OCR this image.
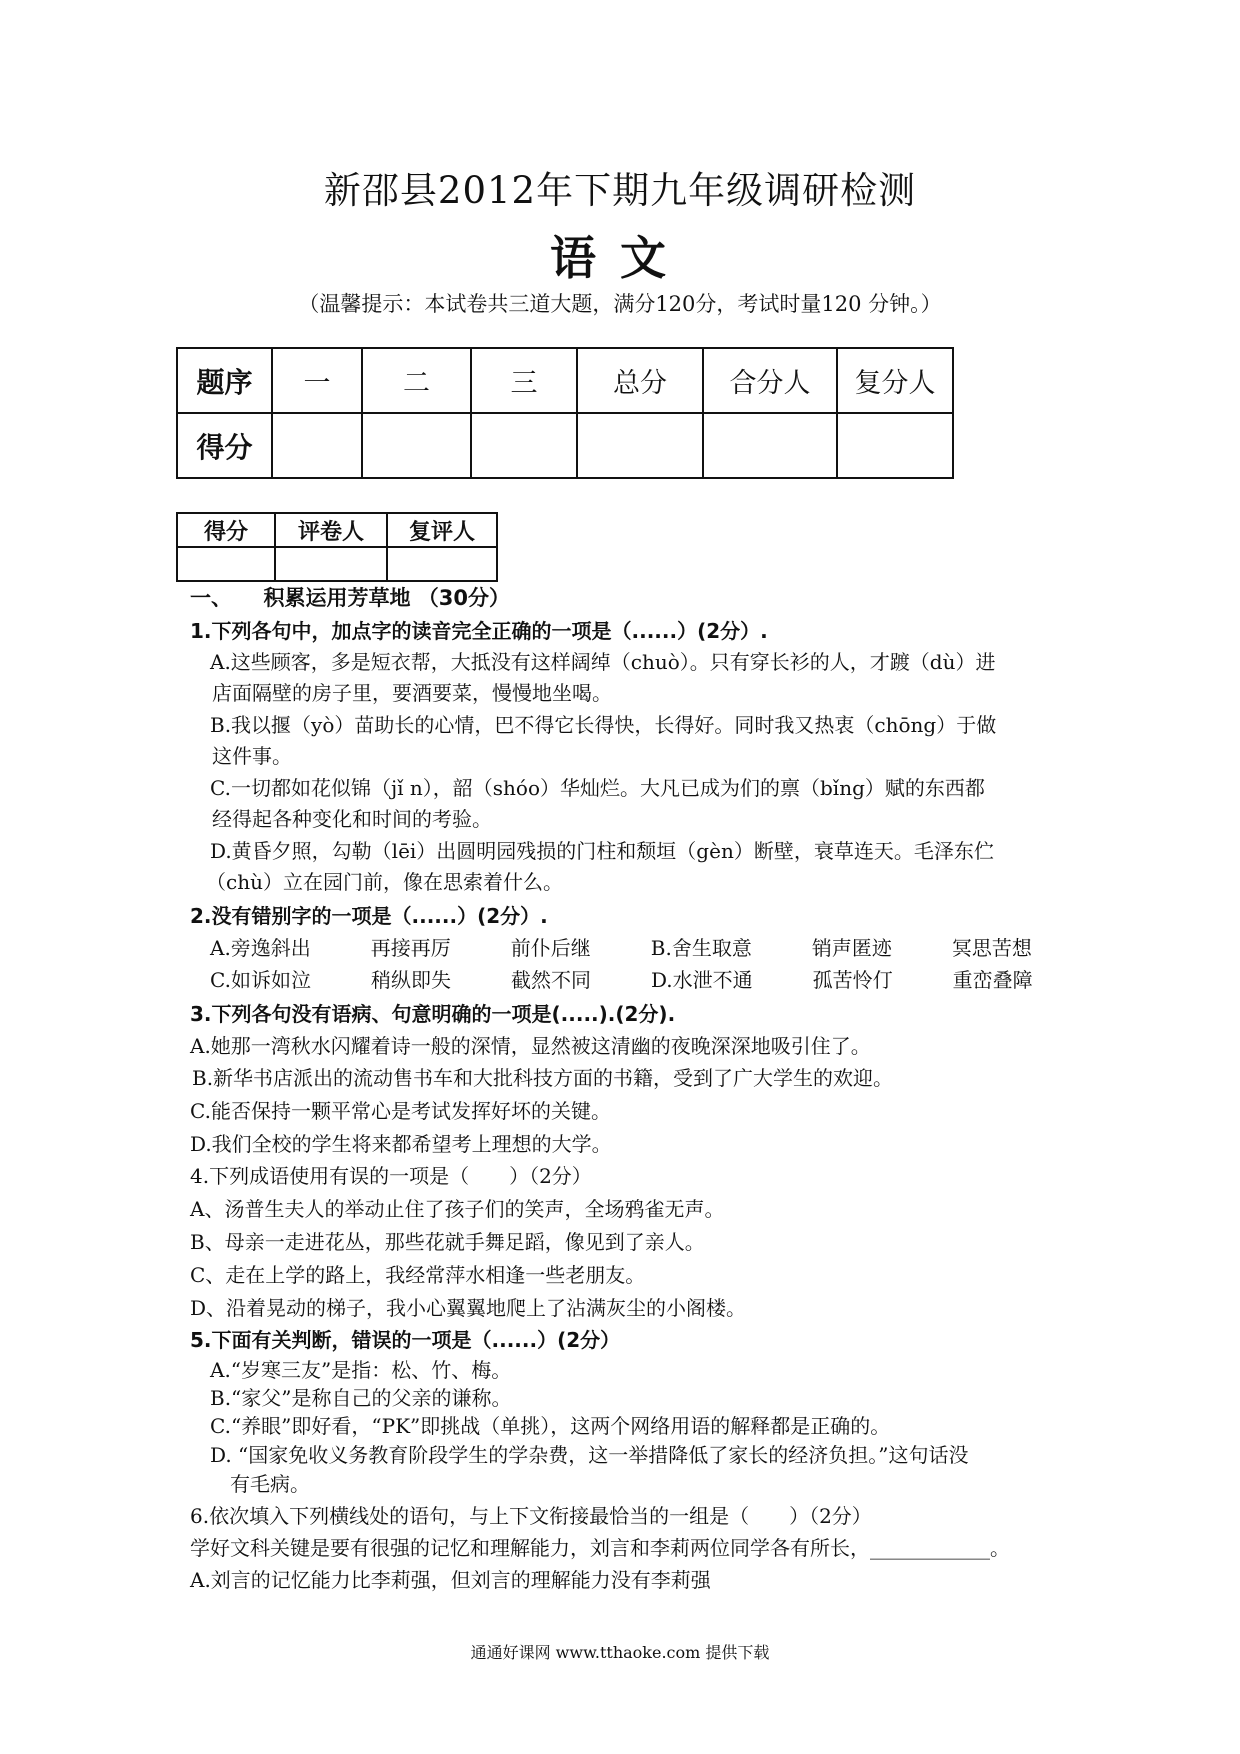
新邵县2012年下期九年级调研检测
语文
（温馨提示：本试卷共三道大题，满分120分，考试时量120 分钟。）
题序	一	二	三	总分	合分人	复分人
得分						
得分	评卷人	复评人

一、　　积累运用芳草地 （30分）
1.下列各句中，加点字的读音完全正确的一项是（......）(2分）.
A.这些顾客，多是短衣帮，大抵没有这样阔绰（chuò）。只有穿长衫的人，才踱（dù）进
店面隔壁的房子里，要酒要菜，慢慢地坐喝。
B.我以揠（yò）苗助长的心情，巴不得它长得快，长得好。同时我又热衷（chōng）于做
这件事。
C.一切都如花似锦（jǐ n），韶（shóo）华灿烂。大凡已成为们的禀（bǐng）赋的东西都
经得起各种变化和时间的考验。
D.黄昏夕照，勾勒（lēi）出圆明园残损的门柱和颓垣（gèn）断壁，衰草连天。毛泽东伫
（chù）立在园门前，像在思索着什么。
2.没有错别字的一项是（......）(2分）.
A.旁逸斜出　　　再接再厉　　　前仆后继　　　B.舍生取意　　　销声匿迹　　　冥思苦想
C.如诉如泣　　　稍纵即失　　　截然不同　　　D.水泄不通　　　孤苦怜仃　　　重峦叠障
3.下列各句没有语病、句意明确的一项是(.....).(2分).
A.她那一湾秋水闪耀着诗一般的深情，显然被这清幽的夜晚深深地吸引住了。
B.新华书店派出的流动售书车和大批科技方面的书籍，受到了广大学生的欢迎。
C.能否保持一颗平常心是考试发挥好坏的关键。
D.我们全校的学生将来都希望考上理想的大学。
4.下列成语使用有误的一项是（　　）（2分）
A、汤普生夫人的举动止住了孩子们的笑声，全场鸦雀无声。
B、母亲一走进花丛，那些花就手舞足蹈，像见到了亲人。
C、走在上学的路上，我经常萍水相逢一些老朋友。
D、沿着晃动的梯子，我小心翼翼地爬上了沾满灰尘的小阁楼。
5.下面有关判断，错误的一项是（......）(2分）
A.“岁寒三友”是指：松、竹、梅。
B.“家父”是称自己的父亲的谦称。
C.“养眼”即好看，“PK”即挑战（单挑），这两个网络用语的解释都是正确的。
D. “国家免收义务教育阶段学生的学杂费，这一举措降低了家长的经济负担。”这句话没
有毛病。
6.依次填入下列横线处的语句，与上下文衔接最恰当的一组是（　　）（2分）
学好文科关键是要有很强的记忆和理解能力，刘言和李莉两位同学各有所长，____________。
A.刘言的记忆能力比李莉强，但刘言的理解能力没有李莉强
通通好课网 www.tthaoke.com 提供下载
